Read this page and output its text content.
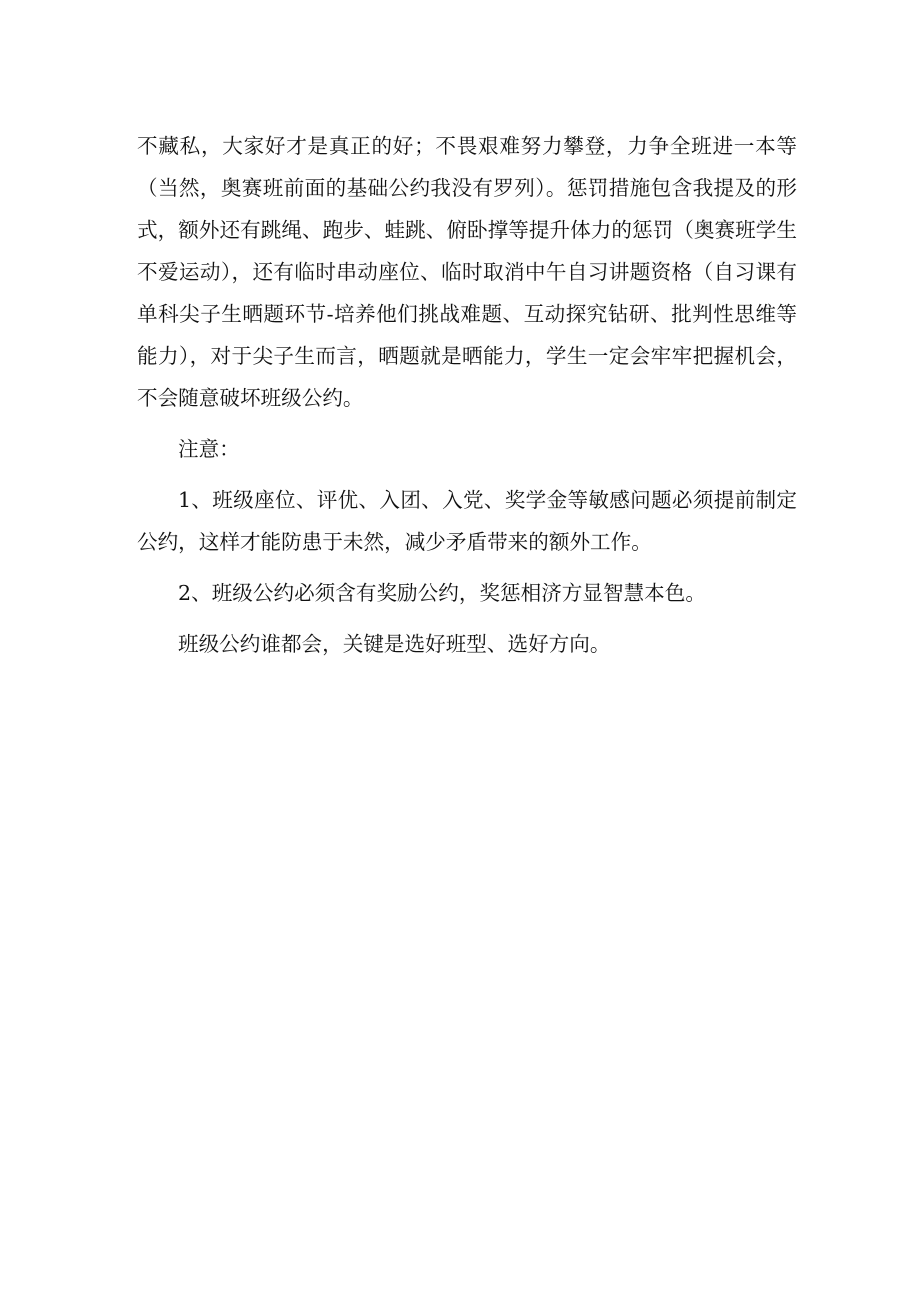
不藏私，大家好才是真正的好；不畏艰难努力攀登，力争全班进一本等（当然，奥赛班前面的基础公约我没有罗列）。惩罚措施包含我提及的形式，额外还有跳绳、跑步、蛙跳、俯卧撑等提升体力的惩罚（奥赛班学生不爱运动），还有临时串动座位、临时取消中午自习讲题资格（自习课有单科尖子生晒题环节-培养他们挑战难题、互动探究钻研、批判性思维等能力），对于尖子生而言，晒题就是晒能力，学生一定会牢牢把握机会，不会随意破坏班级公约。

注意：

1、班级座位、评优、入团、入党、奖学金等敏感问题必须提前制定公约，这样才能防患于未然，减少矛盾带来的额外工作。

2、班级公约必须含有奖励公约，奖惩相济方显智慧本色。

班级公约谁都会，关键是选好班型、选好方向。
